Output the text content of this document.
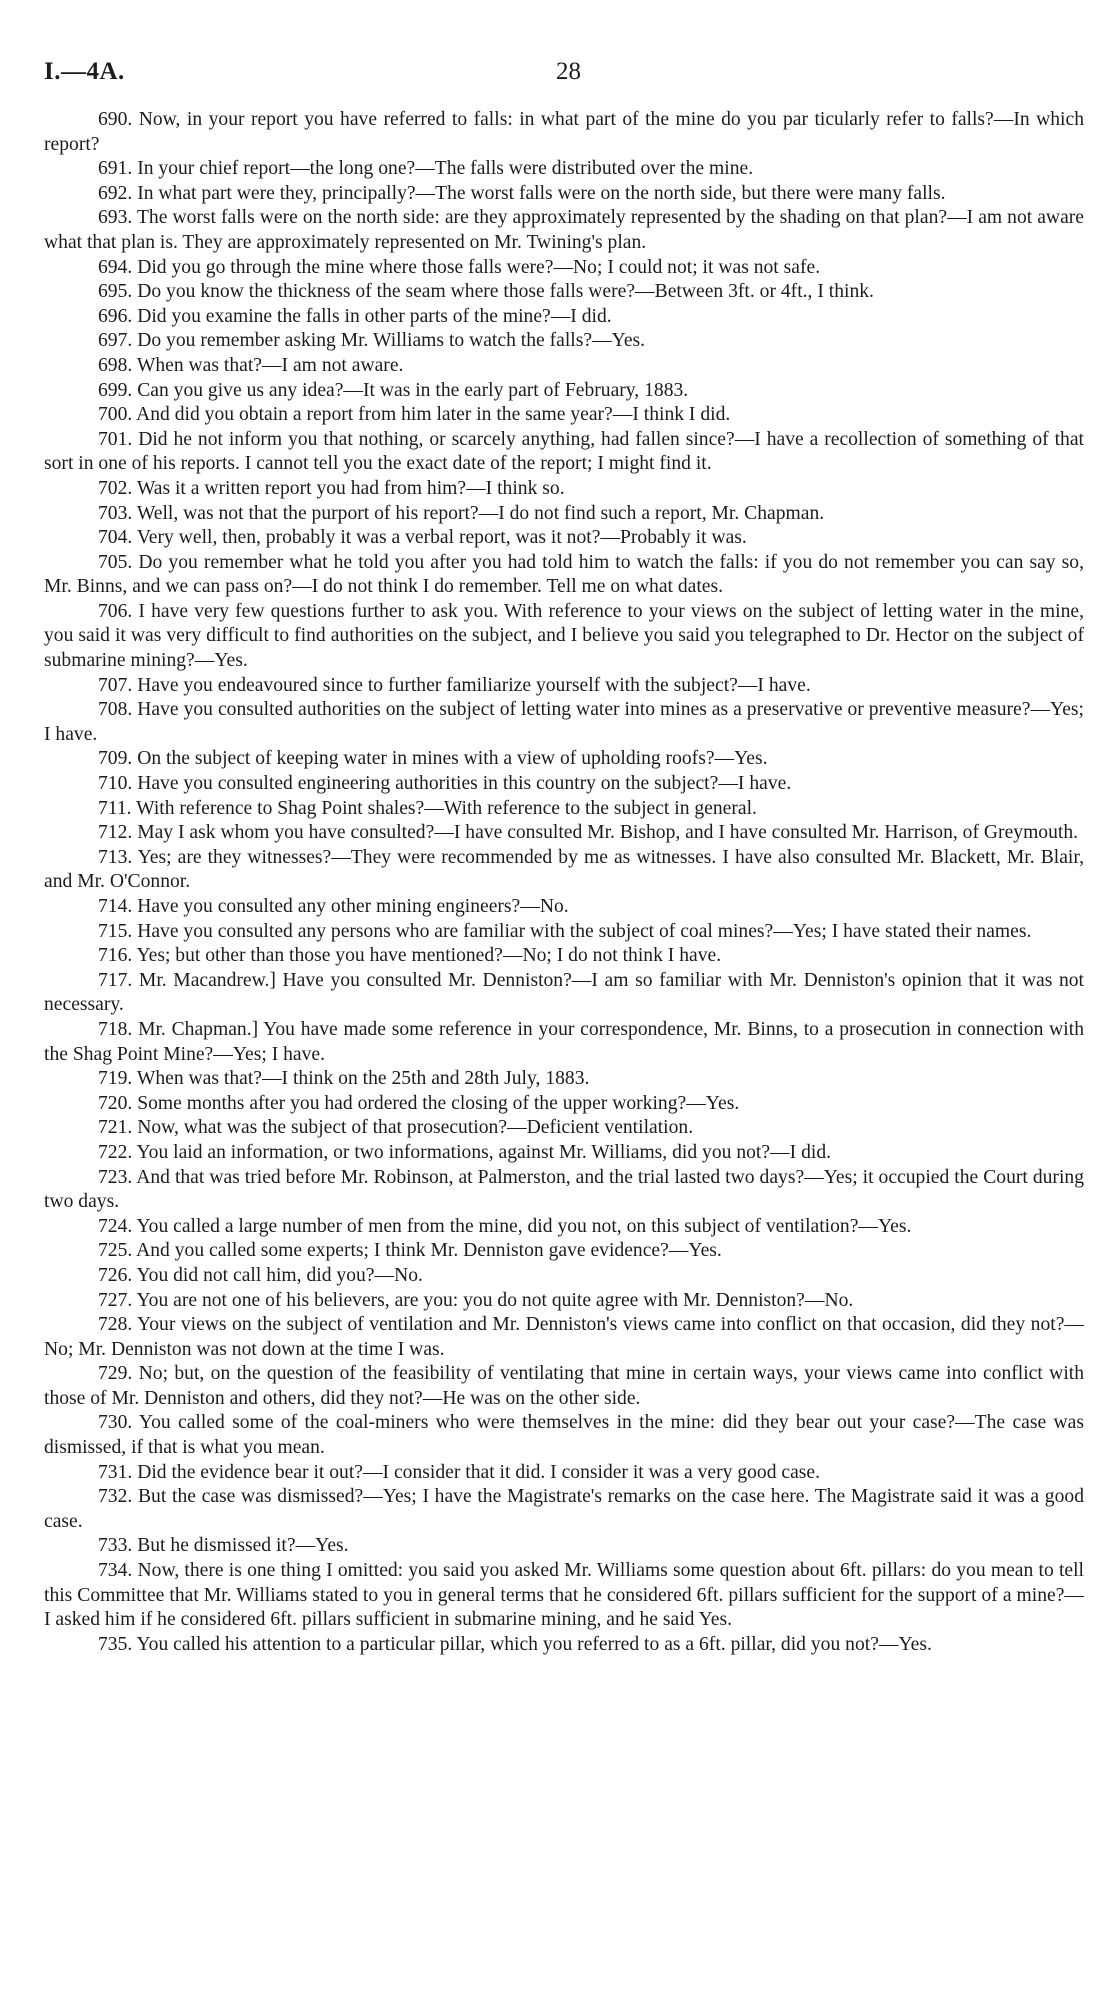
I.—4A.	28

690. Now, in your report you have referred to falls: in what part of the mine do you par ticularly refer to falls?—In which report?

691. In your chief report—the long one?—The falls were distributed over the mine.

692. In what part were they, principally?—The worst falls were on the north side, but there were many falls.

693. The worst falls were on the north side: are they approximately represented by the shading on that plan?—I am not aware what that plan is. They are approximately represented on Mr. Twining's plan.

694. Did you go through the mine where those falls were?—No; I could not; it was not safe.

695. Do you know the thickness of the seam where those falls were?—Between 3ft. or 4ft., I think.

696. Did you examine the falls in other parts of the mine?—I did.

697. Do you remember asking Mr. Williams to watch the falls?—Yes.

698. When was that?—I am not aware.

699. Can you give us any idea?—It was in the early part of February, 1883.

700. And did you obtain a report from him later in the same year?—I think I did.

701. Did he not inform you that nothing, or scarcely anything, had fallen since?—I have a recollection of something of that sort in one of his reports. I cannot tell you the exact date of the report; I might find it.

702. Was it a written report you had from him?—I think so.

703. Well, was not that the purport of his report?—I do not find such a report, Mr. Chapman.

704. Very well, then, probably it was a verbal report, was it not?—Probably it was.

705. Do you remember what he told you after you had told him to watch the falls: if you do not remember you can say so, Mr. Binns, and we can pass on?—I do not think I do remember. Tell me on what dates.

706. I have very few questions further to ask you. With reference to your views on the subject of letting water in the mine, you said it was very difficult to find authorities on the subject, and I believe you said you telegraphed to Dr. Hector on the subject of submarine mining?—Yes.

707. Have you endeavoured since to further familiarize yourself with the subject?—I have.

708. Have you consulted authorities on the subject of letting water into mines as a preservative or preventive measure?—Yes; I have.

709. On the subject of keeping water in mines with a view of upholding roofs?—Yes.

710. Have you consulted engineering authorities in this country on the subject?—I have.

711. With reference to Shag Point shales?—With reference to the subject in general.

712. May I ask whom you have consulted?—I have consulted Mr. Bishop, and I have consulted Mr. Harrison, of Greymouth.

713. Yes; are they witnesses?—They were recommended by me as witnesses. I have also consulted Mr. Blackett, Mr. Blair, and Mr. O'Connor.

714. Have you consulted any other mining engineers?—No.

715. Have you consulted any persons who are familiar with the subject of coal mines?—Yes; I have stated their names.

716. Yes; but other than those you have mentioned?—No; I do not think I have.

717. Mr. Macandrew.] Have you consulted Mr. Denniston?—I am so familiar with Mr. Denniston's opinion that it was not necessary.

718. Mr. Chapman.] You have made some reference in your correspondence, Mr. Binns, to a prosecution in connection with the Shag Point Mine?—Yes; I have.

719. When was that?—I think on the 25th and 28th July, 1883.

720. Some months after you had ordered the closing of the upper working?—Yes.

721. Now, what was the subject of that prosecution?—Deficient ventilation.

722. You laid an information, or two informations, against Mr. Williams, did you not?—I did.

723. And that was tried before Mr. Robinson, at Palmerston, and the trial lasted two days?—Yes; it occupied the Court during two days.

724. You called a large number of men from the mine, did you not, on this subject of ventilation?—Yes.

725. And you called some experts; I think Mr. Denniston gave evidence?—Yes.

726. You did not call him, did you?—No.

727. You are not one of his believers, are you: you do not quite agree with Mr. Denniston?—No.

728. Your views on the subject of ventilation and Mr. Denniston's views came into conflict on that occasion, did they not?—No; Mr. Denniston was not down at the time I was.

729. No; but, on the question of the feasibility of ventilating that mine in certain ways, your views came into conflict with those of Mr. Denniston and others, did they not?—He was on the other side.

730. You called some of the coal-miners who were themselves in the mine: did they bear out your case?—The case was dismissed, if that is what you mean.

731. Did the evidence bear it out?—I consider that it did. I consider it was a very good case.

732. But the case was dismissed?—Yes; I have the Magistrate's remarks on the case here. The Magistrate said it was a good case.

733. But he dismissed it?—Yes.

734. Now, there is one thing I omitted: you said you asked Mr. Williams some question about 6ft. pillars: do you mean to tell this Committee that Mr. Williams stated to you in general terms that he considered 6ft. pillars sufficient for the support of a mine?—I asked him if he considered 6ft. pillars sufficient in submarine mining, and he said Yes.

735. You called his attention to a particular pillar, which you referred to as a 6ft. pillar, did you not?—Yes.
